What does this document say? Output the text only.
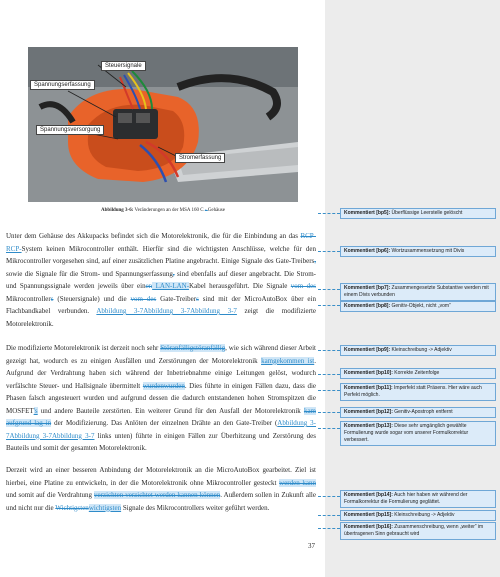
Steuersignale
Spannungserfassung
Spannungsversorgung
Stromerfassung
Abbildung 3-6: Veränderungen an der MSA 160 C - Gehäuse
Unter dem Gehäuse des Akkupacks befindet sich die Motorelektronik, die für die Einbindung an das RCP-RCP-System keinen Mikrocontroller enthält. Hierfür sind die wichtigsten Anschlüsse, welche für den Mikrocontroller vorgesehen sind, auf einer zusätzlichen Platine angebracht. Einige Signale des Gate-Treibers, sowie die Signale für die Strom- und Spannungserfassung, sind ebenfalls auf dieser angebracht. Die Strom- und Spannungssignale werden jeweils über einen LAN-LAN-Kabel herausgeführt. Die Signale vom des Mikrocontrollers (Steuersignale) und die vom des Gate-Treibers sind mit der MicroAutoBox über ein Flachbandkabel verbunden. Abbildung 3-7Abbildung 3-7Abbildung 3-7 zeigt die modifizierte Motorelektronik.
Die modifizierte Motorelektronik ist derzeit noch sehr Störanfälligstöranfällig, wie sich während dieser Arbeit gezeigt hat, wodurch es zu einigen Ausfällen und Zerstörungen der Motorelektronik kamgekommen ist. Aufgrund der Verdrahtung haben sich während der Inbetriebnahme einige Leitungen gelöst, wodurch verfälschte Steuer- und Hallsignale übermittelt wurdenwurden. Dies führte in einigen Fällen dazu, dass die Phasen falsch angesteuert wurden und aufgrund dessen die dadurch entstandenen hohen Stromspitzen die MOSFET's und andere Bauteile zerstörten. Ein weiterer Grund für den Ausfall der Motorelektronik kam aufgrund lag in der Modifizierung. Das Anlöten der einzelnen Drähte an den Gate-Treiber (Abbildung 3-7Abbildung 3-7Abbildung 3-7 links unten) führte in einigen Fällen zur Überhitzung und Zerstörung des Bauteils und somit der gesamten Motorelektronik.
Derzeit wird an einer besseren Anbindung der Motorelektronik an die MicroAutoBox gearbeitet. Ziel ist hierbei, eine Platine zu entwickeln, in der die Motorelektronik ohne Mikrocontroller gesteckt werden kann und somit auf die Verdrahtung verzichten verzichtet werden kannen können. Außerdem sollen in Zukunft alle und nicht nur die Wichtigstenwichtigsten Signale des Mikrocontrollers weiter geführt werden.
37
Kommentiert [bp5]: Überflüssige Leerstelle gelöscht
Kommentiert [bp6]: Wortzusammensetzung mit Divis
Kommentiert [bp7]: Zusammengesetzte Substantive werden mit einem Divis verbunden
Kommentiert [bp8]: Genitiv-Objekt, nicht „vom“
Kommentiert [bp9]: Kleinschreibung -> Adjektiv
Kommentiert [bp10]: Korrekte Zeitenfolge
Kommentiert [bp11]: Imperfekt statt Präsens. Hier wäre auch Perfekt möglich.
Kommentiert [bp12]: Genitiv-Apostroph entfernt
Kommentiert [bp13]: Diese sehr umgänglich gewählte Formulierung wurde sogar vom unserer Formulkorrektur verbessert.
Kommentiert [bp14]: Auch hier haben wir während der Formalkorrektur die Formulierung geglättet.
Kommentiert [bp15]: Kleinschreibung -> Adjektiv
Kommentiert [bp16]: Zusammenschreibung, wenn „weiter“ im übertragenen Sinn gebraucht wird
